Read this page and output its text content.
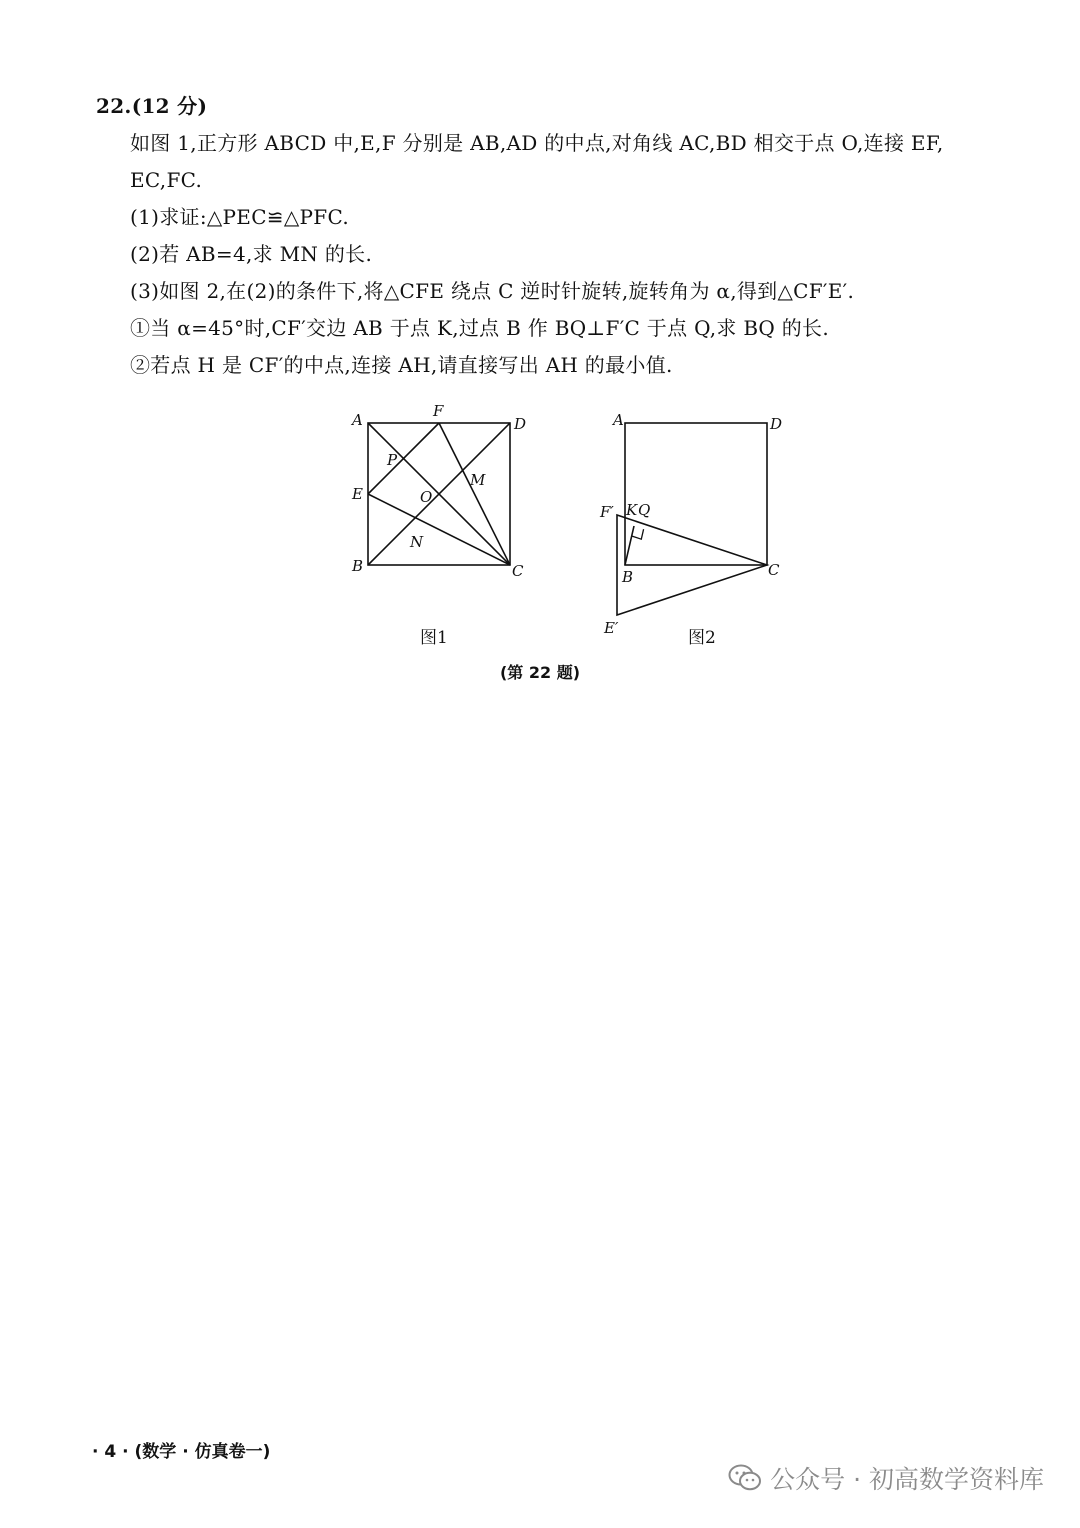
22.(12 分)
如图 1,正方形 ABCD 中,E,F 分别是 AB,AD 的中点,对角线 AC,BD 相交于点 O,连接 EF,
EC,FC.
(1)求证:△PEC≌△PFC.
(2)若 AB=4,求 MN 的长.
(3)如图 2,在(2)的条件下,将△CFE 绕点 C 逆时针旋转,旋转角为 α,得到△CF′E′.
①当 α=45°时,CF′交边 AB 于点 K,过点 B 作 BQ⊥F′C 于点 Q,求 BQ 的长.
②若点 H 是 CF′的中点,连接 AH,请直接写出 AH 的最小值.
A	F
D
P
M
E	O
N
B	C
A	D
F′ K Q
B	C
E′
图1	图2
(第 22 题)
· 4 · (数学 · 仿真卷一)
公众号 · 初高数学资料库
